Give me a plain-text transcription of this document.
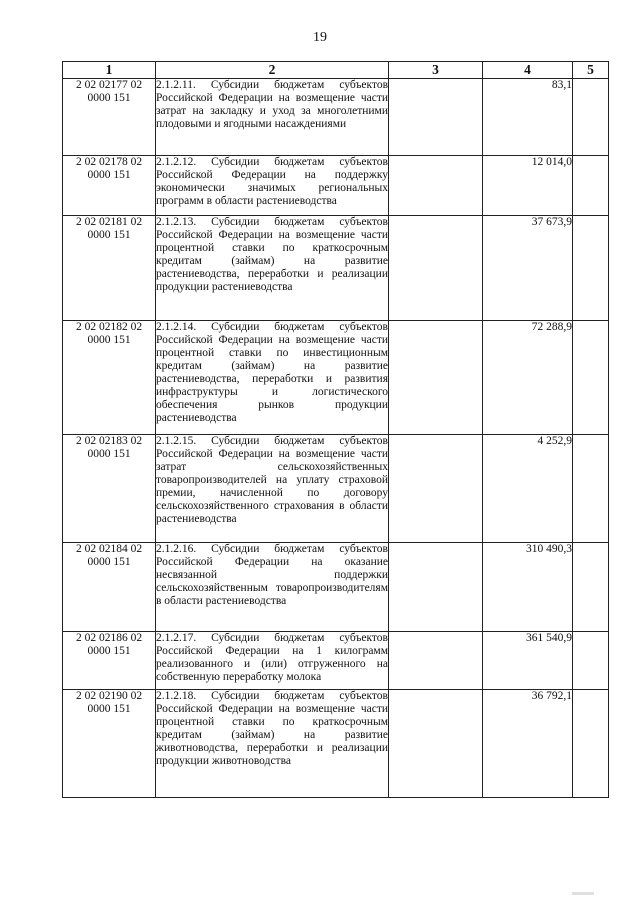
19
1	2	3	4	5

2 02 02177 02
0000 151	2.1.2.11. Субсидии бюджетам субъектов Российской Федерации на возмещение части затрат на закладку и уход за многолетними плодовыми и ягодными насаждениями		83,1	

2 02 02178 02
0000 151	2.1.2.12. Субсидии бюджетам субъектов Российской Федерации на поддержку экономически значимых региональных программ в области растениеводства		12 014,0	

2 02 02181 02
0000 151	2.1.2.13. Субсидии бюджетам субъектов Российской Федерации на возмещение части процентной ставки по краткосрочным кредитам (займам) на развитие растениеводства, переработки и реализации продукции растениеводства		37 673,9	

2 02 02182 02
0000 151	2.1.2.14. Субсидии бюджетам субъектов Российской Федерации на возмещение части процентной ставки по инвестиционным кредитам (займам) на развитие растениеводства, переработки и развития инфраструктуры и логистического обеспечения рынков продукции растениеводства		72 288,9	

2 02 02183 02
0000 151	2.1.2.15. Субсидии бюджетам субъектов Российской Федерации на возмещение части затрат сельскохозяйственных товаропроизводителей на уплату страховой премии, начисленной по договору сельскохозяйственного страхования в области растениеводства		4 252,9	

2 02 02184 02
0000 151	2.1.2.16. Субсидии бюджетам субъектов Российской Федерации на оказание несвязанной поддержки сельскохозяйственным товаропроизводителям в области растениеводства		310 490,3	

2 02 02186 02
0000 151	2.1.2.17. Субсидии бюджетам субъектов Российской Федерации на 1 килограмм реализованного и (или) отгруженного на собственную переработку молока		361 540,9	

2 02 02190 02
0000 151	2.1.2.18. Субсидии бюджетам субъектов Российской Федерации на возмещение части процентной ставки по краткосрочным кредитам (займам) на развитие животноводства, переработки и реализации продукции животноводства		36 792,1	
